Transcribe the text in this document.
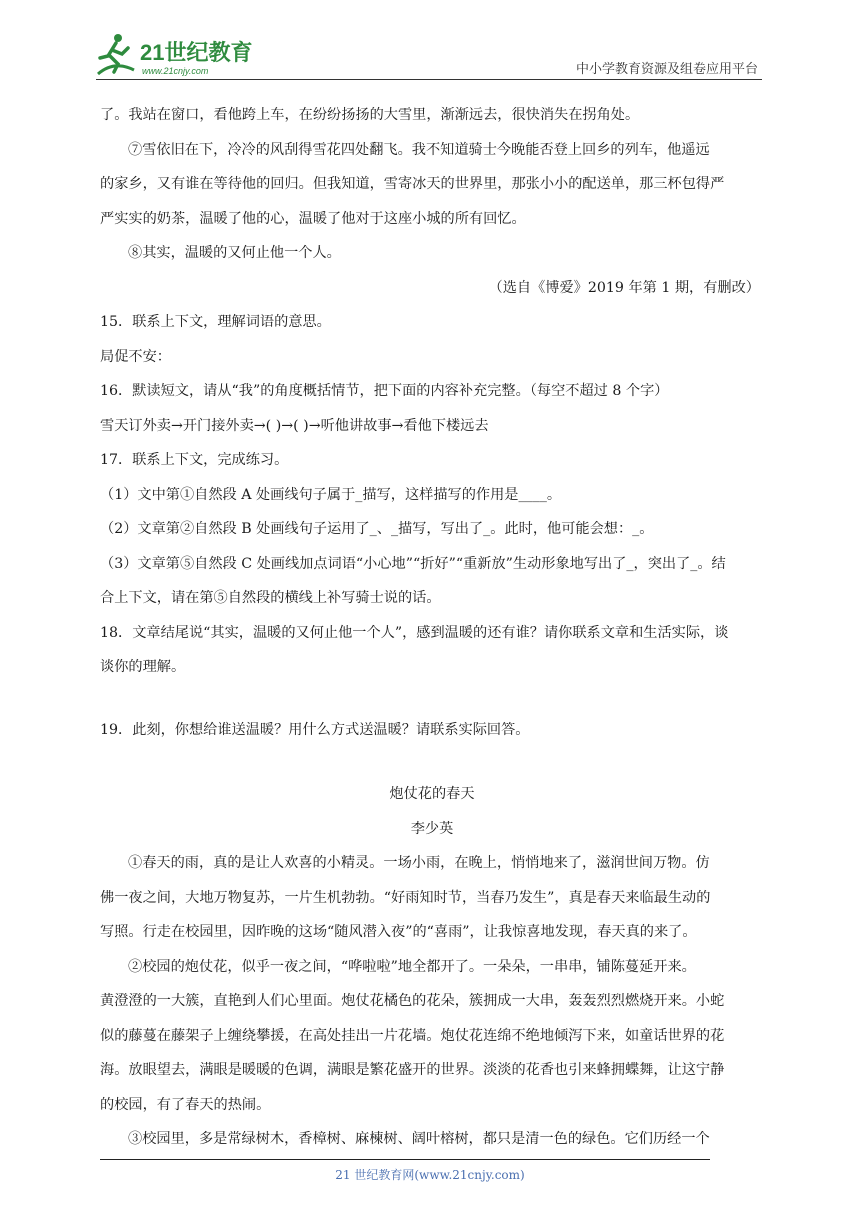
21世纪教育
www.21cnjy.com	中小学教育资源及组卷应用平台

了。我站在窗口，看他跨上车，在纷纷扬扬的大雪里，渐渐远去，很快消失在拐角处。

⑦雪依旧在下，冷冷的风刮得雪花四处翻飞。我不知道骑士今晚能否登上回乡的列车，他遥远

的家乡，又有谁在等待他的回归。但我知道，雪寄冰天的世界里，那张小小的配送单，那三杯包得严

严实实的奶茶，温暖了他的心，温暖了他对于这座小城的所有回忆。

⑧其实，温暖的又何止他一个人。

（选自《博爱》2019 年第 1 期，有删改）

15．联系上下文，理解词语的意思。

局促不安：

16．默读短文，请从“我”的角度概括情节，把下面的内容补充完整。（每空不超过 8 个字）

雪天订外卖→开门接外卖→( )→( )→听他讲故事→看他下楼远去

17．联系上下文，完成练习。

（1）文中第①自然段 A 处画线句子属于_描写，这样描写的作用是____。

（2）文章第②自然段 B 处画线句子运用了_、_描写，写出了_。此时，他可能会想：_。

（3）文章第⑤自然段 C 处画线加点词语“小心地”“折好”“重新放”生动形象地写出了_，突出了_。结

合上下文，请在第⑤自然段的横线上补写骑士说的话。

18．文章结尾说“其实，温暖的又何止他一个人”，感到温暖的还有谁？请你联系文章和生活实际，谈

谈你的理解。

19．此刻，你想给谁送温暖？用什么方式送温暖？请联系实际回答。

炮仗花的春天

李少英

①春天的雨，真的是让人欢喜的小精灵。一场小雨，在晚上，悄悄地来了，滋润世间万物。仿

佛一夜之间，大地万物复苏，一片生机勃勃。“好雨知时节，当春乃发生”，真是春天来临最生动的

写照。行走在校园里，因昨晚的这场“随风潜入夜”的“喜雨”，让我惊喜地发现，春天真的来了。

②校园的炮仗花，似乎一夜之间，“哗啦啦”地全都开了。一朵朵，一串串，铺陈蔓延开来。

黄澄澄的一大簇，直艳到人们心里面。炮仗花橘色的花朵，簇拥成一大串，轰轰烈烈燃烧开来。小蛇

似的藤蔓在藤架子上缠绕攀援，在高处挂出一片花墙。炮仗花连绵不绝地倾泻下来，如童话世界的花

海。放眼望去，满眼是暖暖的色调，满眼是繁花盛开的世界。淡淡的花香也引来蜂拥蝶舞，让这宁静

的校园，有了春天的热闹。

③校园里，多是常绿树木，香樟树、麻楝树、阔叶榕树，都只是清一色的绿色。它们历经一个

21 世纪教育网(www.21cnjy.com)
